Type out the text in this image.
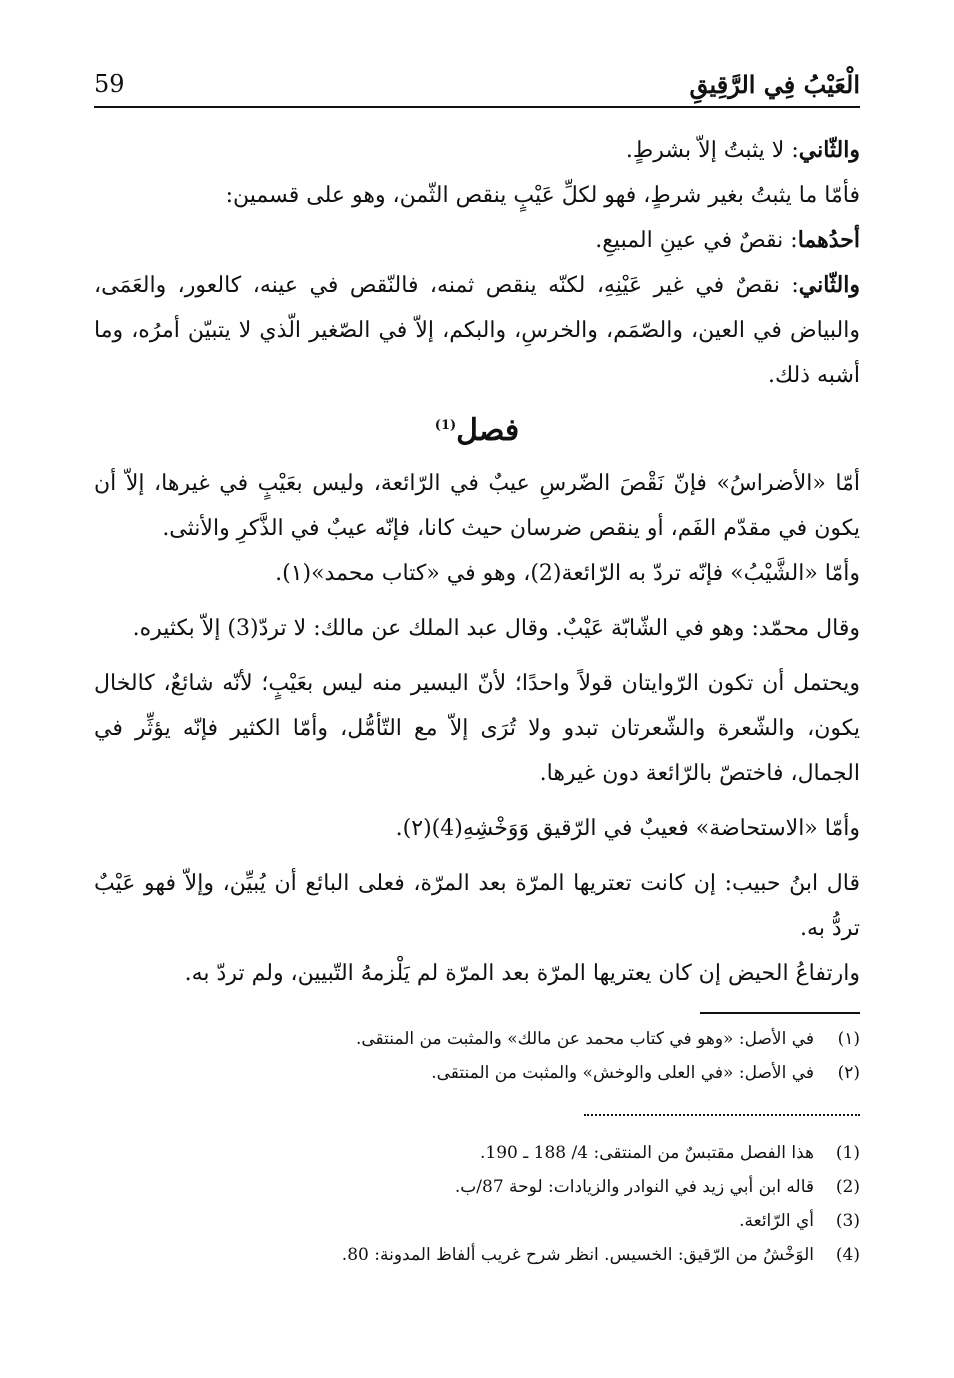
الْعَيْبُ فِي الرَّقِيقِ
59

والثّاني: لا يثبتُ إلاّ بشرطٍ.

فأمّا ما يثبتُ بغير شرطٍ، فهو لكلِّ عَيْبٍ ينقص الثّمن، وهو على قسمين:

أحدُهما: نقصٌ في عينِ المبيعِ.

والثّاني: نقصٌ في غير عَيْنِهِ، لكنّه ينقص ثمنه، فالنّقص في عينه، كالعور، والعَمَى، والبياض في العين، والصّمَم، والخرسِ، والبكم، إلاّ في الصّغير الّذي لا يتبيّن أمرُه، وما أشبه ذلك.

فصل$^{(1)}$

أمّا «الأضراسُ» فإنّ نَقْصَ الضّرسِ عيبٌ في الرّائعة، وليس بعَيْبٍ في غيرها، إلاّ أن يكون في مقدّم الفَم، أو ينقص ضرسان حيث كانا، فإنّه عيبٌ في الذَّكرِ والأنثى.

وأمّا «الشَّيْبُ» فإنّه تردّ به الرّائعة(2)، وهو في «كتاب محمد»(١).

وقال محمّد: وهو في الشّابّة عَيْبٌ. وقال عبد الملك عن مالك: لا تردّ(3) إلاّ بكثيره.

ويحتمل أن تكون الرّوايتان قولاً واحدًا؛ لأنّ اليسير منه ليس بعَيْبٍ؛ لأنّه شائعٌ، كالخال يكون، والشّعرة والشّعرتان تبدو ولا تُرَى إلاّ مع التّأمُّل، وأمّا الكثير فإنّه يؤثِّر في الجمال، فاختصّ بالرّائعة دون غيرها.

وأمّا «الاستحاضة» فعيبٌ في الرّقيق وَوَخْشِهِ(4)(٢).

قال ابنُ حبيب: إن كانت تعتريها المرّة بعد المرّة، فعلى البائع أن يُبيِّن، وإلاّ فهو عَيْبٌ تردُّ به.

وارتفاعُ الحيض إن كان يعتريها المرّة بعد المرّة لم يَلْزمهُ التّبيين، ولم تردّ به.

(١)
في الأصل: «وهو في كتاب محمد عن مالك» والمثبت من المنتقى.
(٢)
في الأصل: «في العلى والوخش» والمثبت من المنتقى.
(1)
هذا الفصل مقتبسٌ من المنتقى: 4/ 188 ـ 190.
(2)
قاله ابن أبي زيد في النوادر والزيادات: لوحة 87/ب.
(3)
أي الرّائعة.
(4)
الوَخْشُ من الرّقيق: الخسيس. انظر شرح غريب ألفاظ المدونة: 80.
